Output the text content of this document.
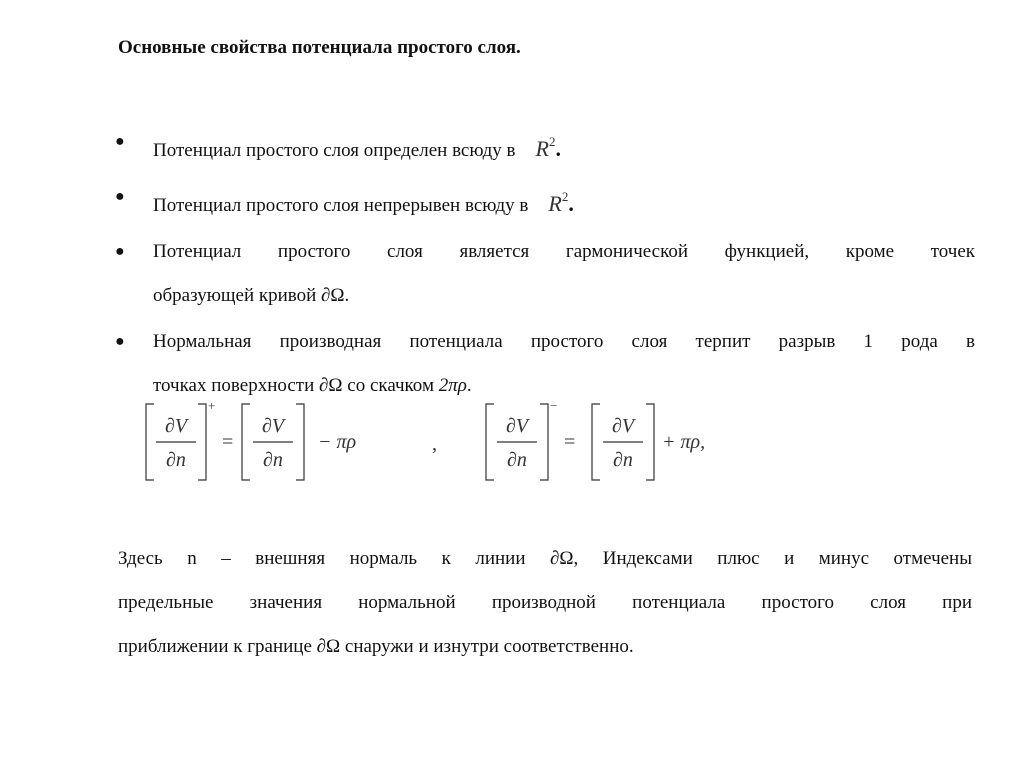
Основные свойства потенциала простого слоя.
● Потенциал простого слоя определен всюду в $R^2$.
● Потенциал простого слоя непрерывен всюду в $R^2$.
● Потенциал простого слоя является гармонической функцией, кроме точек
образующей кривой ∂Ω.
● Нормальная производная потенциала простого слоя терпит разрыв 1 рода в
точках поверхности ∂Ω со скачком 2πρ.
∂V
∂n
+
=
∂V
∂n
− πρ	,
∂V
∂n
−
=
∂V
∂n
+ πρ,

Здесь n – внешняя нормаль к линии ∂Ω, Индексами плюс и минус отмечены
предельные значения нормальной производной потенциала простого слоя при
приближении к границе ∂Ω снаружи и изнутри соответственно.
